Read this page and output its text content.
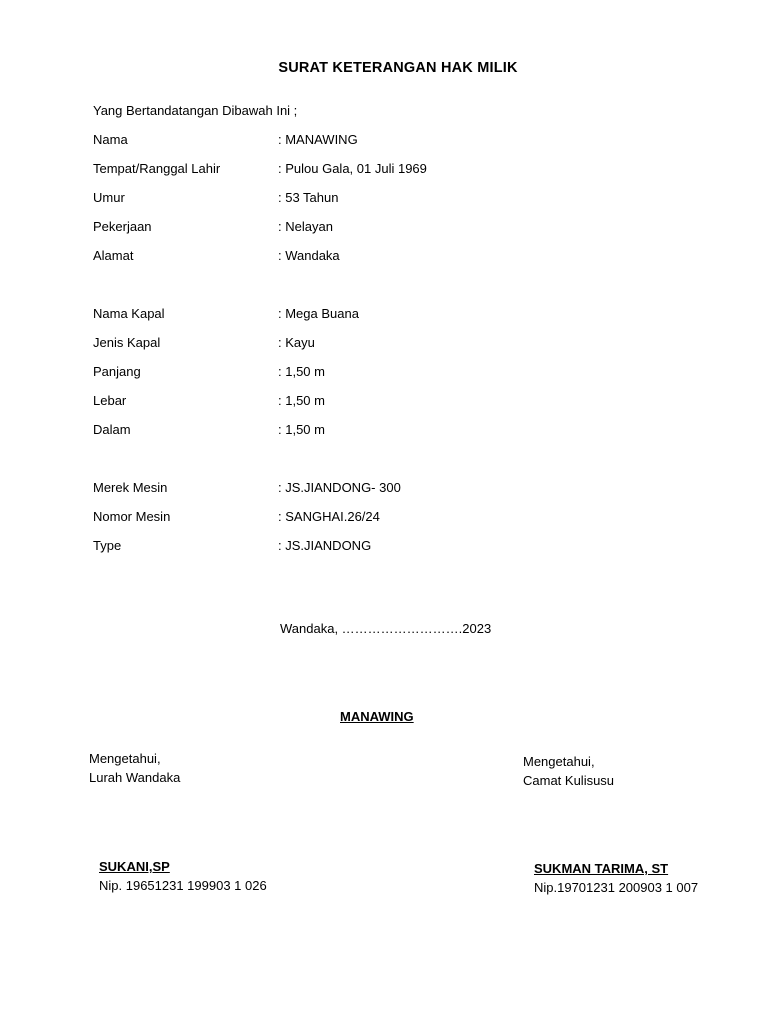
SURAT KETERANGAN HAK MILIK
Yang Bertandatangan Dibawah Ini ;
Nama	: MANAWING
Tempat/Ranggal Lahir	: Pulou Gala, 01 Juli 1969
Umur	: 53 Tahun
Pekerjaan	: Nelayan
Alamat	: Wandaka
Nama Kapal	: Mega Buana
Jenis Kapal	: Kayu
Panjang	: 1,50 m
Lebar	: 1,50 m
Dalam	: 1,50 m
Merek Mesin	: JS.JIANDONG- 300
Nomor Mesin	: SANGHAI.26/24
Type	: JS.JIANDONG
Wandaka, ……………………….2023
MANAWING
Mengetahui,
Lurah Wandaka
SUKANI,SP
Nip. 19651231 199903 1 026
Mengetahui,
Camat Kulisusu
SUKMAN TARIMA, ST
Nip.19701231 200903 1 007
